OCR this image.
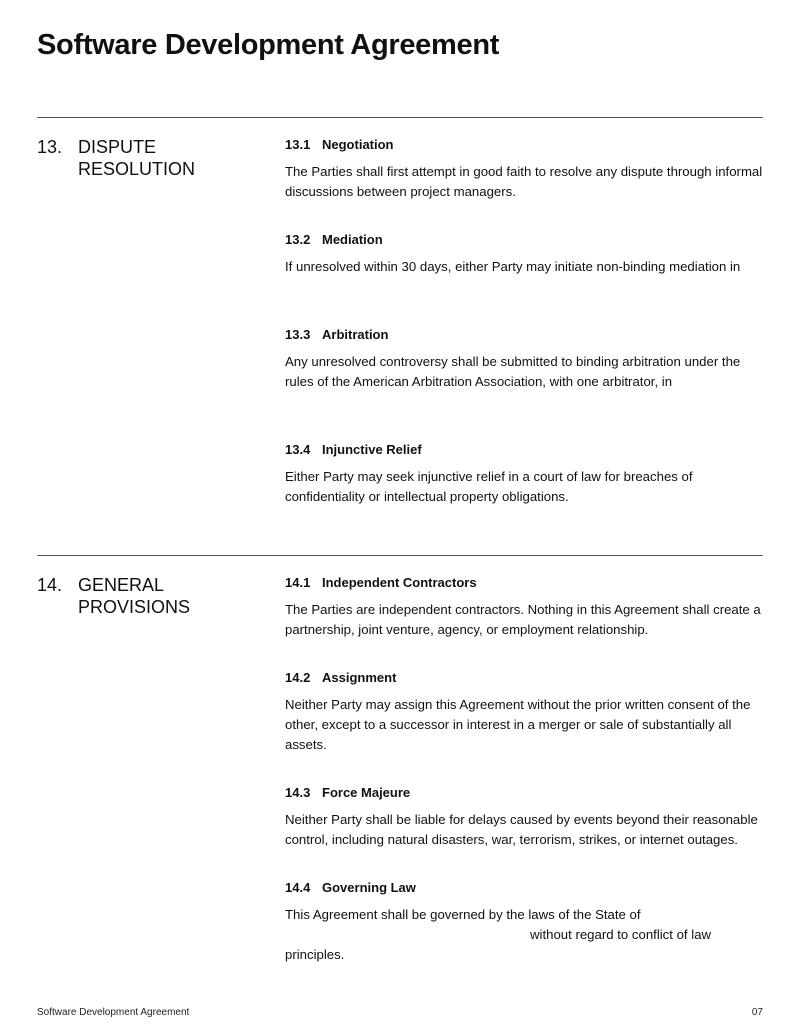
Software Development Agreement
13. DISPUTE
RESOLUTION
13.1 Negotiation
The Parties shall first attempt in good faith to resolve any dispute through informal discussions between project managers.
13.2 Mediation
If unresolved within 30 days, either Party may initiate non-binding mediation in
13.3 Arbitration
Any unresolved controversy shall be submitted to binding arbitration under the rules of the American Arbitration Association, with one arbitrator, in
13.4 Injunctive Relief
Either Party may seek injunctive relief in a court of law for breaches of confidentiality or intellectual property obligations.
14. GENERAL
PROVISIONS
14.1 Independent Contractors
The Parties are independent contractors. Nothing in this Agreement shall create a partnership, joint venture, agency, or employment relationship.
14.2 Assignment
Neither Party may assign this Agreement without the prior written consent of the other, except to a successor in interest in a merger or sale of substantially all assets.
14.3 Force Majeure
Neither Party shall be liable for delays caused by events beyond their reasonable control, including natural disasters, war, terrorism, strikes, or internet outages.
14.4 Governing Law
This Agreement shall be governed by the laws of the State of
without regard to conflict of law principles.
Software Development Agreement	07
